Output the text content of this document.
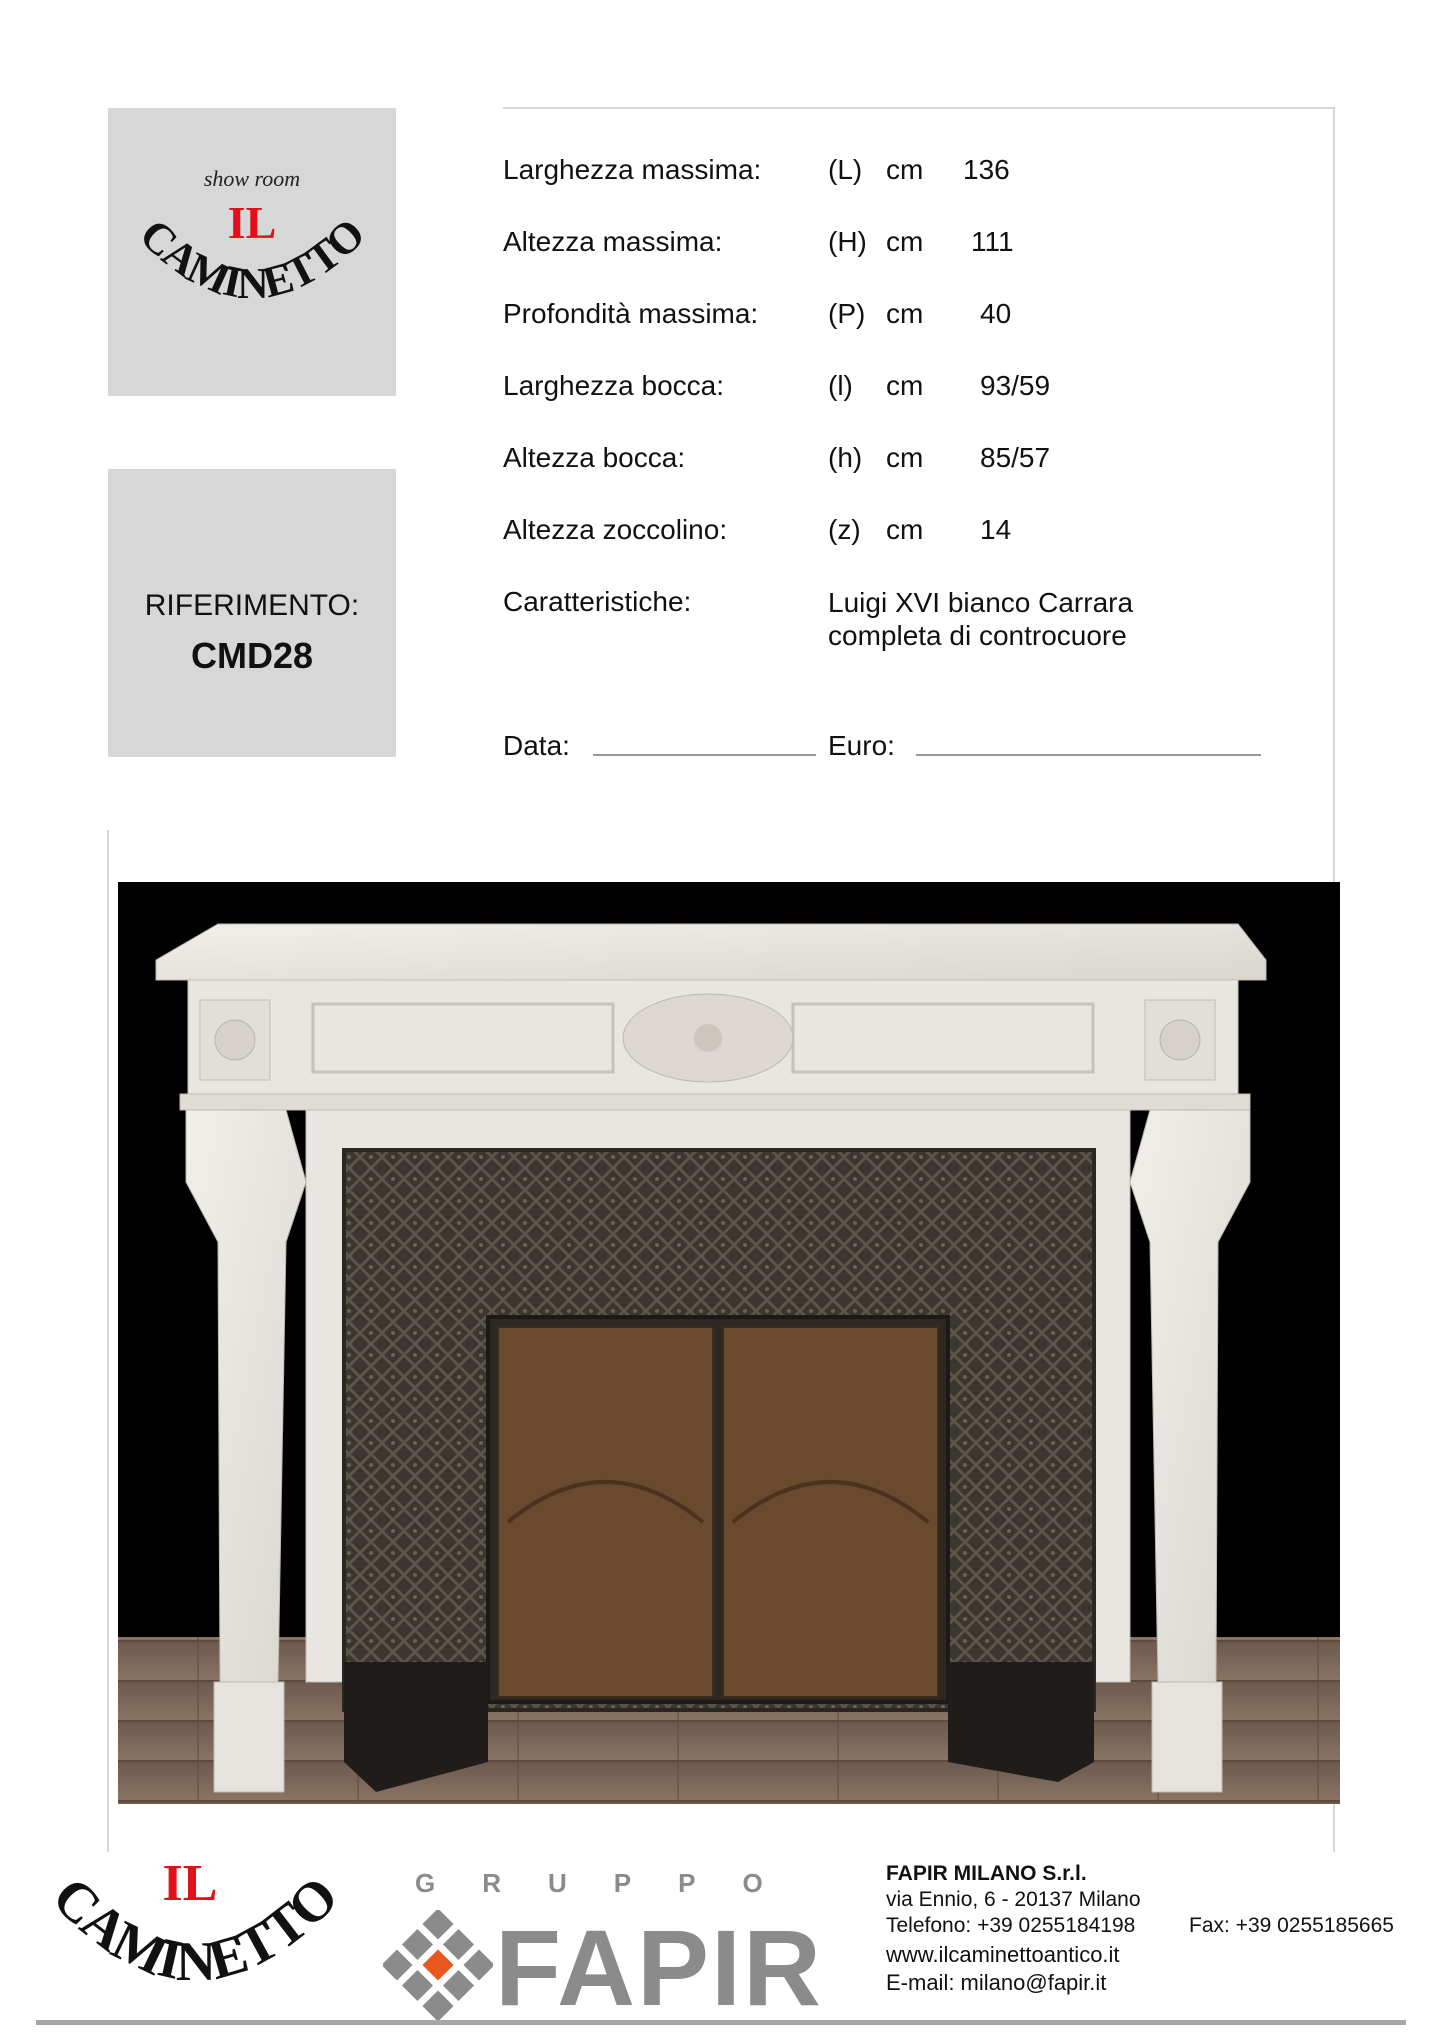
show room
IL
CAMINETTO
RIFERIMENTO:
CMD28
Larghezza massima: (L) cm 136
Altezza massima:	(H) cm 111
Profondità massima: (P) cm 40
Larghezza bocca:	(l) cm 93/59
Altezza bocca:	(h) cm 85/57
Altezza zoccolino:	(z) cm 14
Caratteristiche:	Luigi XVI bianco Carrara
completa di controcuore
Data:	Euro:
IL
CAMINETTO	GRUPPO
FAPIR
FAPIR MILANO S.r.l.
via Ennio, 6 - 20137 Milano
Telefono: +39 0255184198	Fax: +39 0255185665
www.ilcaminettoantico.it
E-mail: milano@fapir.it
